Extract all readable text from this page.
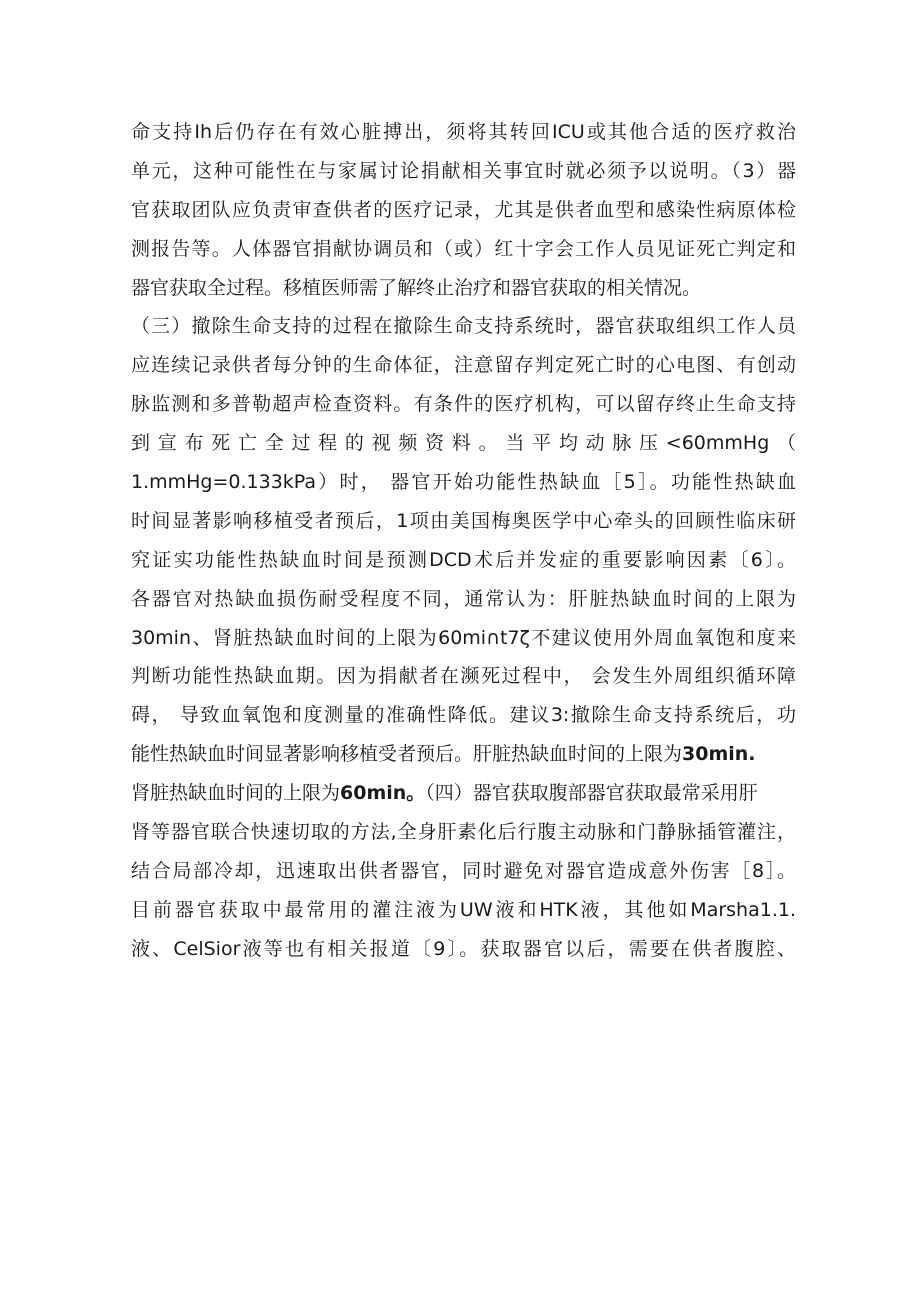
命支持Ih后仍存在有效心脏搏出，须将其转回ICU或其他合适的医疗救治
单元，这种可能性在与家属讨论捐献相关事宜时就必须予以说明。（3）器
官获取团队应负责审查供者的医疗记录，尤其是供者血型和感染性病原体检
测报告等。人体器官捐献协调员和（或）红十字会工作人员见证死亡判定和
器官获取全过程。移植医师需了解终止治疗和器官获取的相关情况。
（三）撤除生命支持的过程在撤除生命支持系统时，器官获取组织工作人员
应连续记录供者每分钟的生命体征，注意留存判定死亡时的心电图、有创动
脉监测和多普勒超声检查资料。有条件的医疗机构，可以留存终止生命支持
到宣布死亡全过程的视频资料。当平均动脉压<60mmHg（
1.mmHg=0.133kPa）时， 器官开始功能性热缺血［5］。功能性热缺血
时间显著影响移植受者预后，1项由美国梅奥医学中心牵头的回顾性临床研
究证实功能性热缺血时间是预测DCD术后并发症的重要影响因素〔6〕。
各器官对热缺血损伤耐受程度不同，通常认为：肝脏热缺血时间的上限为
30min、肾脏热缺血时间的上限为60mi∩t7ζ不建议使用外周血氧饱和度来
判断功能性热缺血期。因为捐献者在濒死过程中， 会发生外周组织循环障
碍， 导致血氧饱和度测量的准确性降低。建议3:撤除生命支持系统后，功
能性热缺血时间显著影响移植受者预后。肝脏热缺血时间的上限为30min.
肾脏热缺血时间的上限为60min。（四）器官获取腹部器官获取最常采用肝
肾等器官联合快速切取的方法,全身肝素化后行腹主动脉和门静脉插管灌注，
结合局部冷却，迅速取出供者器官，同时避免对器官造成意外伤害［8］。
目前器官获取中最常用的灌注液为UW液和HTK液，其他如Marsha1.1.
液、CelSior液等也有相关报道〔9〕。获取器官以后，需要在供者腹腔、
